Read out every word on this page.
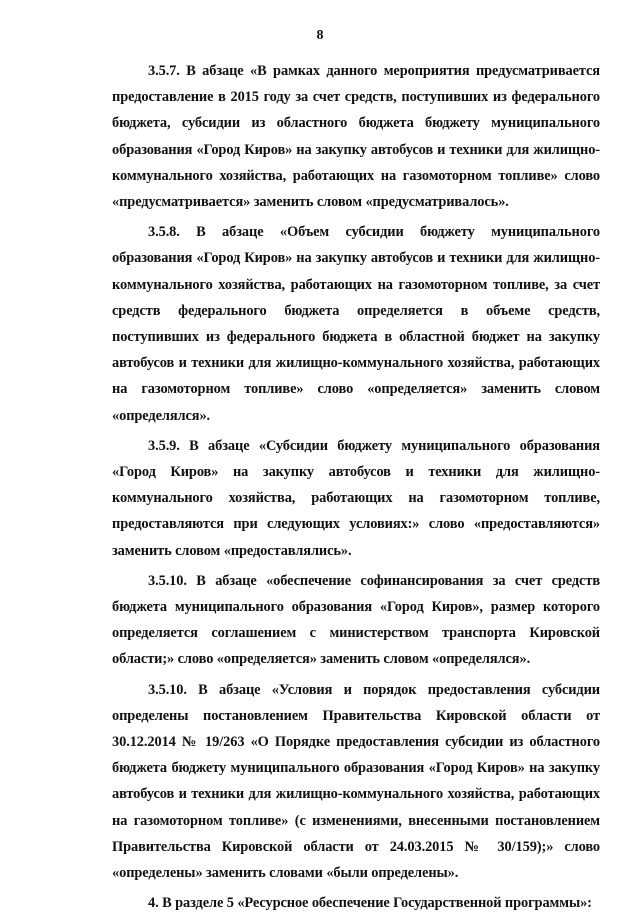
8

3.5.7. В абзаце «В рамках данного мероприятия предусматривается предоставление в 2015 году за счет средств, поступивших из федерального бюджета, субсидии из областного бюджета бюджету муниципального образования «Город Киров» на закупку автобусов и техники для жилищно-коммунального хозяйства, работающих на газомоторном топливе» слово «предусматривается» заменить словом «предусматривалось».

3.5.8. В абзаце «Объем субсидии бюджету муниципального образования «Город Киров» на закупку автобусов и техники для жилищно-коммунального хозяйства, работающих на газомоторном топливе, за счет средств федерального бюджета определяется в объеме средств, поступивших из федерального бюджета в областной бюджет на закупку автобусов и техники для жилищно-коммунального хозяйства, работающих на газомоторном топливе» слово «определяется» заменить словом «определялся».

3.5.9. В абзаце «Субсидии бюджету муниципального образования «Город Киров» на закупку автобусов и техники для жилищно-коммунального хозяйства, работающих на газомоторном топливе, предоставляются при следующих условиях:» слово «предоставляются» заменить словом «предоставлялись».

3.5.10. В абзаце «обеспечение софинансирования за счет средств бюджета муниципального образования «Город Киров», размер которого определяется соглашением с министерством транспорта Кировской области;» слово «определяется» заменить словом «определялся».

3.5.10. В абзаце «Условия и порядок предоставления субсидии определены постановлением Правительства Кировской области от 30.12.2014 № 19/263 «О Порядке предоставления субсидии из областного бюджета бюджету муниципального образования «Город Киров» на закупку автобусов и техники для жилищно-коммунального хозяйства, работающих на газомоторном топливе» (с изменениями, внесенными постановлением Правительства Кировской области от 24.03.2015 № 30/159);» слово «определены» заменить словами «были определены».

4. В разделе 5 «Ресурсное обеспечение Государственной программы»:
